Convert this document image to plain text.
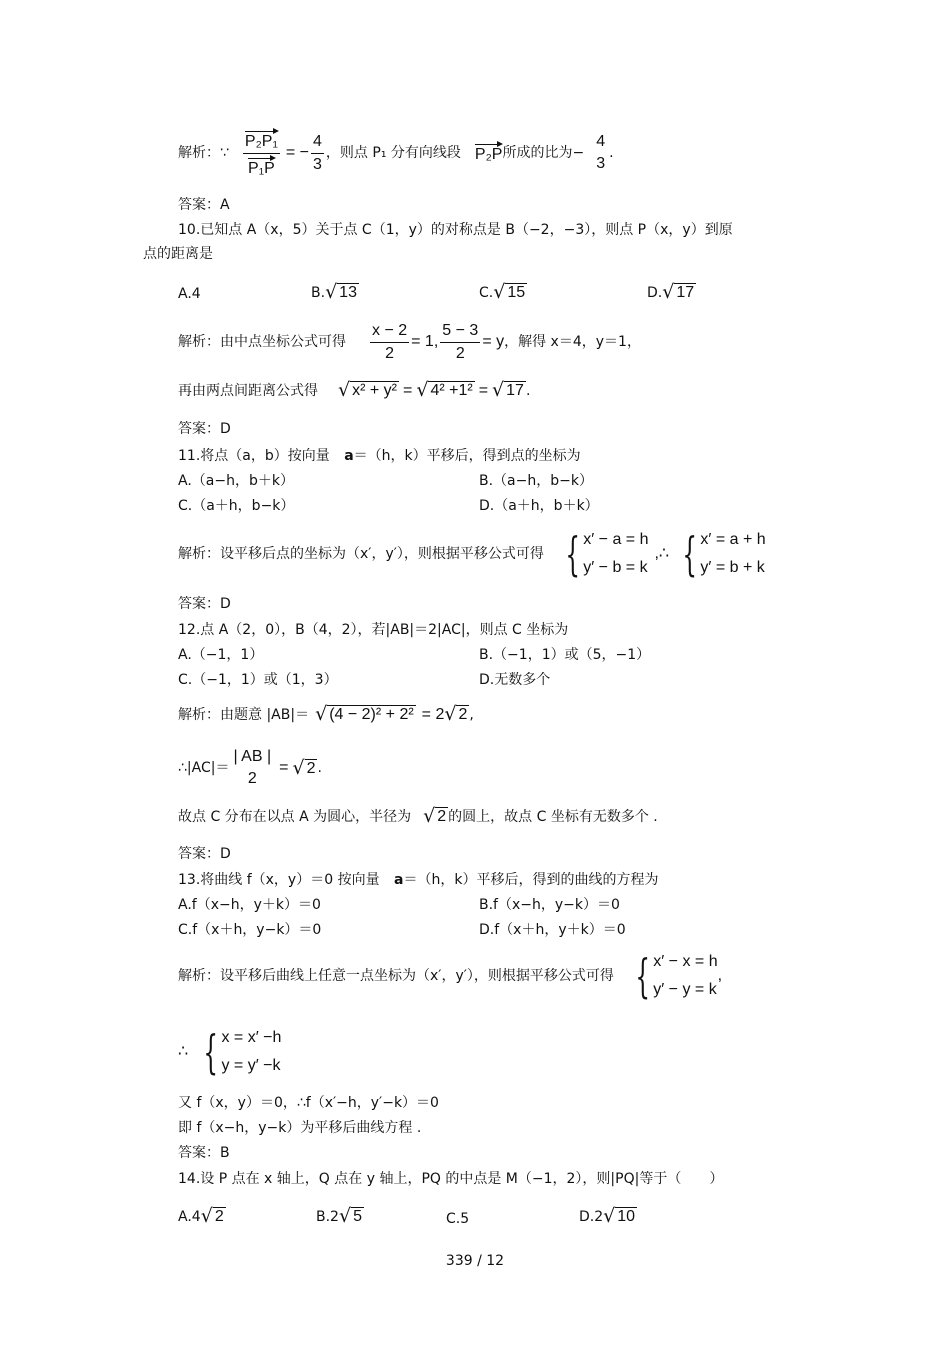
解析：∵ $\frac{\text{P₂P₁}}{\text{P₁P}}$ = − $\frac{4}{3}$ ，则点 P₁ 分有向线段 P₂P 所成的比为−
4
3
.
答案：A
10.已知点 A（x，5）关于点 C（1，y）的对称点是 B（−2，−3），则点 P（x，y）到原
点的距离是
A.4	B. √ 13	C. √ 15	D. √ 17
解析：由中点坐标公式可得 $\frac{x - 2}{2} = 1$, $\frac{5 - 3}{2} = y$ ，解得 x＝4，y＝1，
再由两点间距离公式得 √ x² + y² = √ 4² +1² = √ 17 .
答案：D
11.将点（a，b）按向量 a＝（h，k）平移后，得到点的坐标为
A.（a−h，b＋k）	B.（a−h，b−k）
C.（a＋h，b−k）	D.（a＋h，b＋k）
解析：设平移后点的坐标为（x′，y′），则根据平移公式可得 { x′ − a = h
y′ − b = k
,∴ { x′ = a + h
y′ = b + k
答案：D
12.点 A（2，0），B（4，2），若|AB|＝2|AC|，则点 C 坐标为
A.（−1，1）	B.（−1，1）或（5，−1）
C.（−1，1）或（1，3）	D.无数多个
解析：由题意 |AB|＝ √ (4 − 2)² + 2² = 2 √ 2 ,
∴|AC|＝
| AB |
2
= √ 2 .
故点 C 分布在以点 A 为圆心，半径为 √ 2 的圆上，故点 C 坐标有无数多个 .
答案：D
13.将曲线 f（x，y）＝0 按向量 a＝（h，k）平移后，得到的曲线的方程为
A.f（x−h，y＋k）＝0	B.f（x−h，y−k）＝0
C.f（x＋h，y−k）＝0	D.f（x＋h，y＋k）＝0
解析：设平移后曲线上任意一点坐标为（x′，y′），则根据平移公式可得 { x′ − x = h
y′ − y = k
,
∴ { x = x′ −h
y = y′ −k
又 f（x，y）＝0，∴f（x′−h，y′−k）＝0
即 f（x−h，y−k）为平移后曲线方程 .
答案：B
14.设 P 点在 x 轴上，Q 点在 y 轴上，PQ 的中点是 M（−1，2），则|PQ|等于（　　）
A.4 √ 2	B.2 √ 5	C.5	D.2 √ 10
339 / 12
